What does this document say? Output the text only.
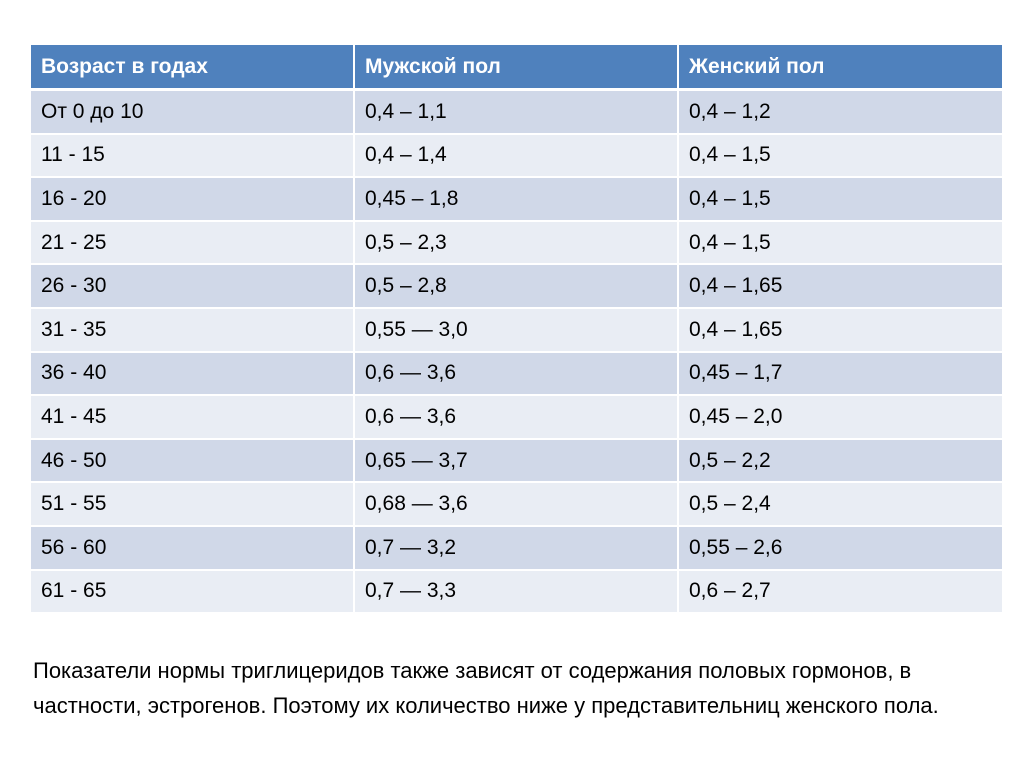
Возраст в годах	Мужской пол	Женский пол
От 0 до 10	0,4 – 1,1	0,4 – 1,2
11 - 15	0,4 – 1,4	0,4 – 1,5
16 - 20	0,45 – 1,8	0,4 – 1,5
21 - 25	0,5 – 2,3	0,4 – 1,5
26 - 30	0,5 – 2,8	0,4 – 1,65
31 - 35	0,55 — 3,0	0,4 – 1,65
36 - 40	0,6 — 3,6	0,45 – 1,7
41 - 45	0,6 — 3,6	0,45 – 2,0
46 - 50	0,65 — 3,7	0,5 – 2,2
51 - 55	0,68 — 3,6	0,5 – 2,4
56 - 60	0,7 — 3,2	0,55 – 2,6
61 - 65	0,7 — 3,3	0,6 – 2,7

Показатели нормы триглицеридов также зависят от содержания половых гормонов, в частности, эстрогенов. Поэтому их количество ниже у представительниц женского пола.
